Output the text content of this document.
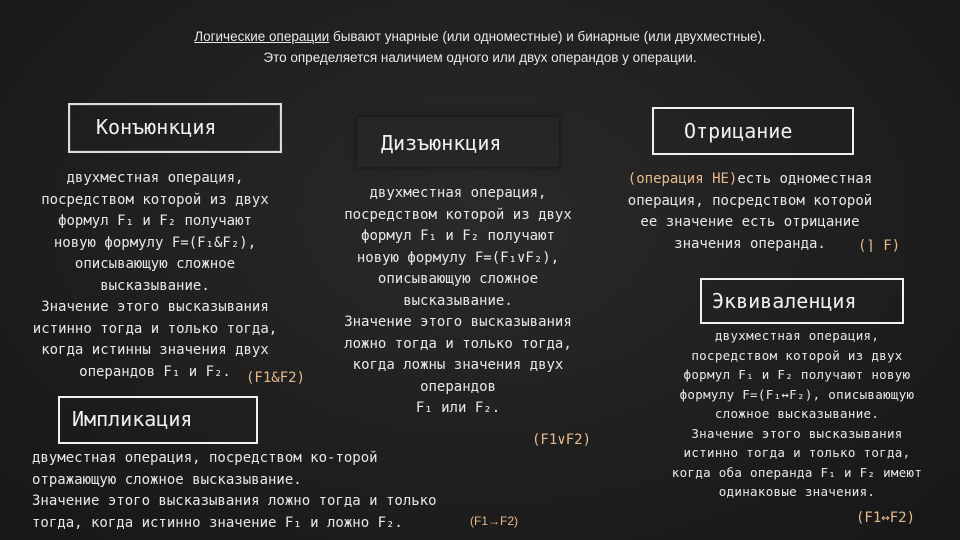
Логические операции бывают унарные (или одноместные) и бинарные (или двухместные).
Это определяется наличием одного или двух операндов у операции.
Конъюнкция
Дизъюнкция	Отрицание
Эквиваленция
Импликация
двухместная операция,
посредством которой из двух
формул F₁ и F₂ получают
новую формулу F=(F₁&F₂),
описывающую сложное
высказывание.
Значение этого высказывания
истинно тогда и только тогда,
когда истинны значения двух
операндов F₁ и F₂.	(F1&F2)
двухместная операция,
посредством которой из двух
формул F₁ и F₂ получают
новую формулу F=(F₁∨F₂),
описывающую сложное
высказывание.
Значение этого высказывания
ложно тогда и только тогда,
когда ложны значения двух
операндов
F₁ или F₂.
(F1∨F2)
(операция НЕ)есть одноместная
операция, посредством которой
ее значение есть отрицание
значения операнда.	(⌉ F)
двухместная операция,
посредством которой из двух
формул F₁ и F₂ получают новую
формулу F=(F₁↔F₂), описывающую
сложное высказывание.
Значение этого высказывания
истинно тогда и только тогда,
когда оба операнда F₁ и F₂ имеют
одинаковые значения.
(F1↔F2)
двуместная операция, посредством ко-торой
отражающую сложное высказывание.
Значение этого высказывания ложно тогда и только
тогда, когда истинно значение F₁ и ложно F₂.	(F1→F2)
